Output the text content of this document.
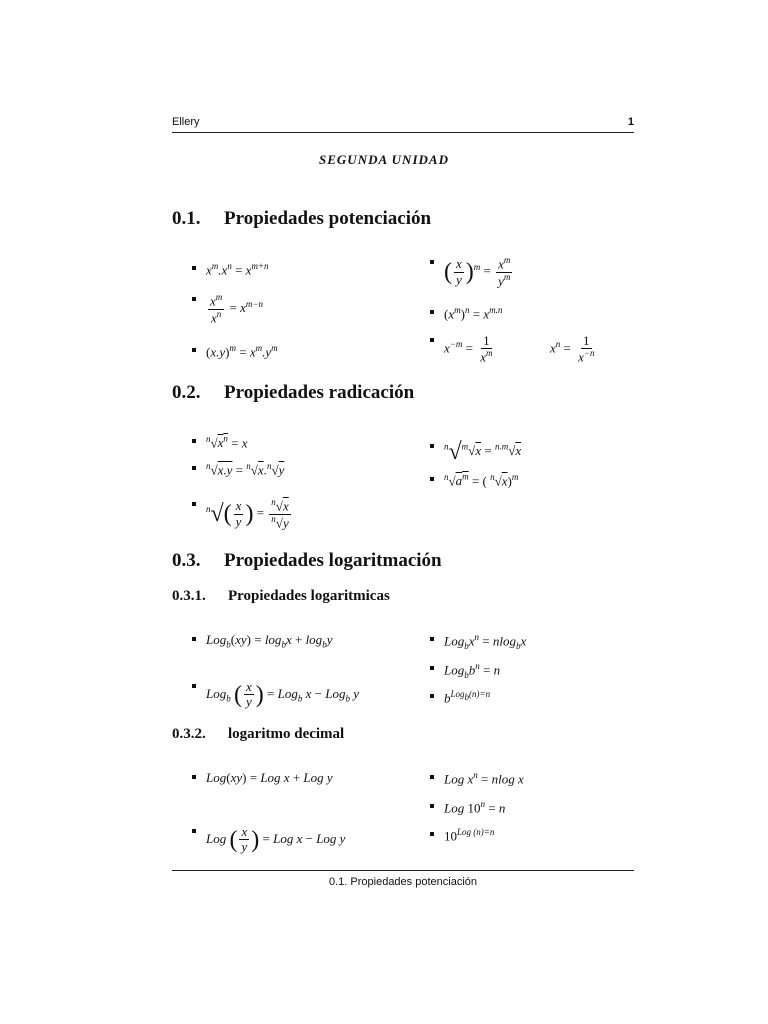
Ellery	1
SEGUNDA UNIDAD
0.1. Propiedades potenciación
$x^m.x^n = x^{m+n}$
$\frac{x^m}{x^n} = x^{m-n}$
$(x.y)^m = x^m.y^m$
( $\frac{x}{y} )^m = \frac{x^m}{y^m}$
$(x^m)^n = x^{m.n}$
$x^{-m} = \frac{1}{x^m}$	$x^n = \frac{1}{x^{-n}}$
0.2. Propiedades radicación
$^n√x^n = x$
$^n$√x.y = $^n$√x.$^n$√y
$^n√( \frac{x}{y}$ ) = $\frac{^n√x}{^n√y}$
$^n$√$^m$√x = $^{n.m}$√x
$^n√a^m$ = ( $^n$√x)$^m$
0.3. Propiedades logaritmación
0.3.1. Propiedades logaritmicas
$Log_b(xy) = \log_bx + \log_by$
Log$_b$ ( $\frac{x}{y}$ ) = Log$_b$ x − Log$_b$ y
$Log_bx^n = nlog_bx$
$Log_bb^n = n$
$b^{Log_b(n)=n}$
0.3.2. logaritmo decimal
Log(xy) = Log x + Log y
Log ( $\frac{x}{y}$ ) = Log x − Log y
Log $x^n = nlog$ x
Log $10^n = n$
$10^{Log (n)=n}$
0.1. Propiedades potenciación
